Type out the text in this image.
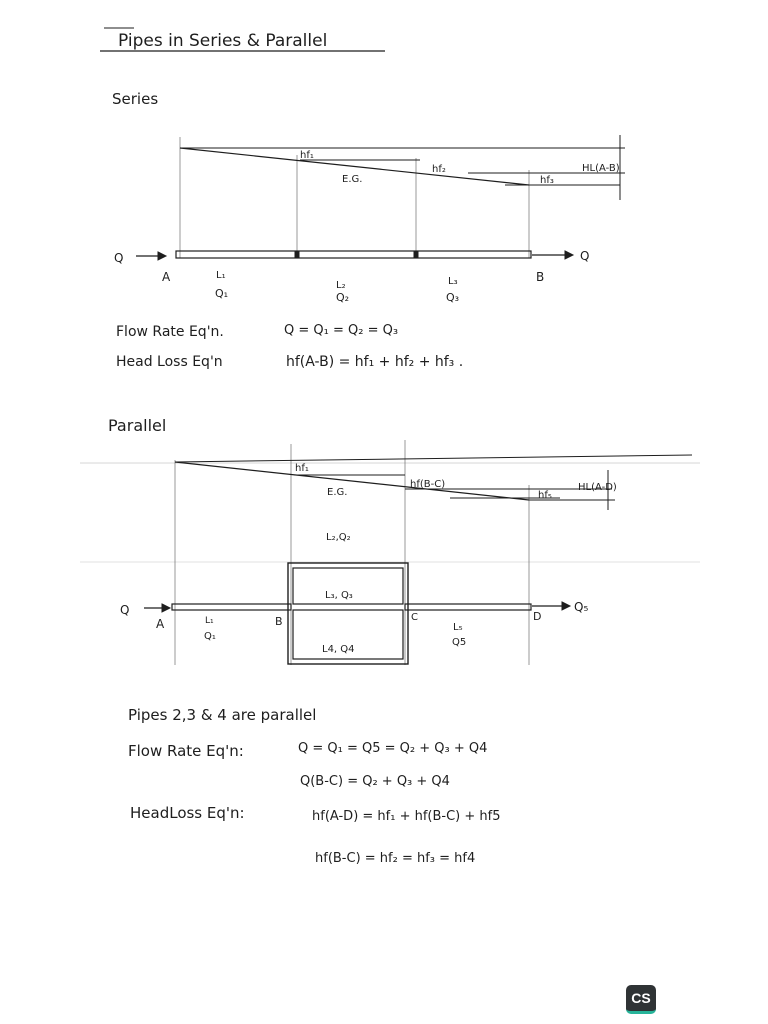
Pipes in Series & Parallel
Series
hf₁
hf₂
hf₃
E.G.
HL(A-B)
Q	Q
A	B
L₁
Q₁
L₂
Q₂
L₃
Q₃
Flow Rate Eq'n.	Q = Q₁ = Q₂ = Q₃
Head Loss Eq'n	hf(A-B) = hf₁ + hf₂ + hf₃ .
Parallel
hf₁
hf(B-C)
hf₅
E.G.	HL(A-D)
L₂,Q₂
L₃, Q₃
L4, Q4
Q	Q₅
A	B	C	D
L₁
Q₁
L₅
Q5
Pipes 2,3 & 4 are parallel
Flow Rate Eq'n:	Q = Q₁ = Q5 = Q₂ + Q₃ + Q4
Q(B-C) = Q₂ + Q₃ + Q4
HeadLoss Eq'n:	hf(A-D) = hf₁ + hf(B-C) + hf5
hf(B-C) = hf₂ = hf₃ = hf4
CS
